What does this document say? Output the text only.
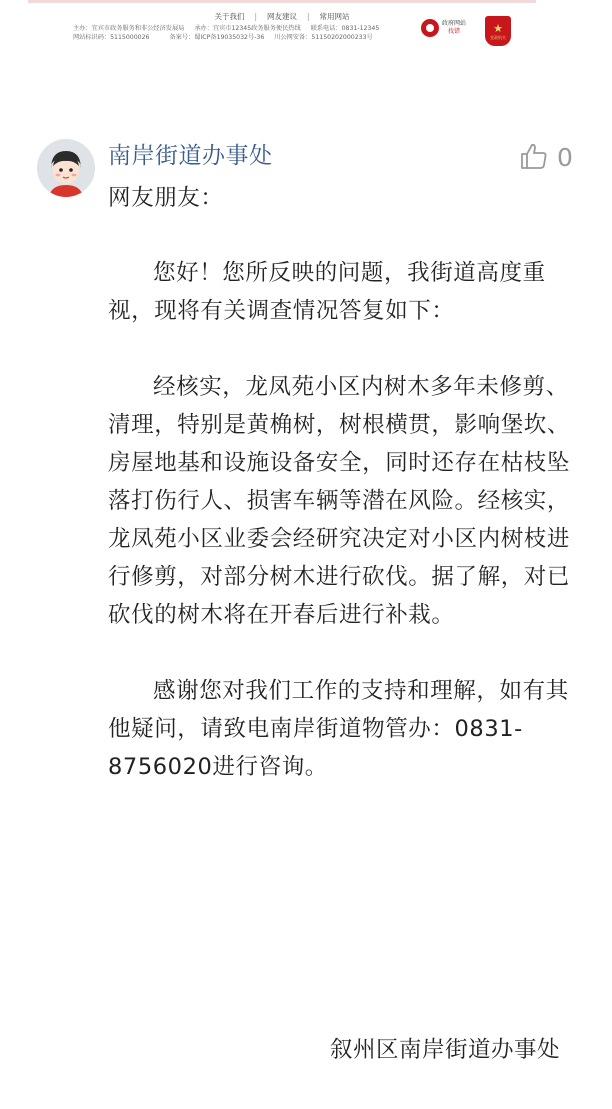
关于我们	|	网友建议	|	常用网站
主办：宜宾市政务服务和非公经济发展局 承办：宜宾市12345政务服务便民热线 联系电话：0831-12345
网站标识码：5115000026	备案号：蜀ICP备19035032号-36 川公网安备：51150202000233号
政府网站
找错	★
党政机关
南岸街道办事处	0
网友朋友：
您好！您所反映的问题，我街道高度重视，现将有关调查情况答复如下：
经核实，龙凤苑小区内树木多年未修剪、清理，特别是黄桷树，树根横贯，影响堡坎、房屋地基和设施设备安全，同时还存在枯枝坠落打伤行人、损害车辆等潜在风险。经核实，龙凤苑小区业委会经研究决定对小区内树枝进行修剪，对部分树木进行砍伐。据了解，对已砍伐的树木将在开春后进行补栽。
感谢您对我们工作的支持和理解，如有其他疑问，请致电南岸街道物管办：0831-8756020进行咨询。
叙州区南岸街道办事处
